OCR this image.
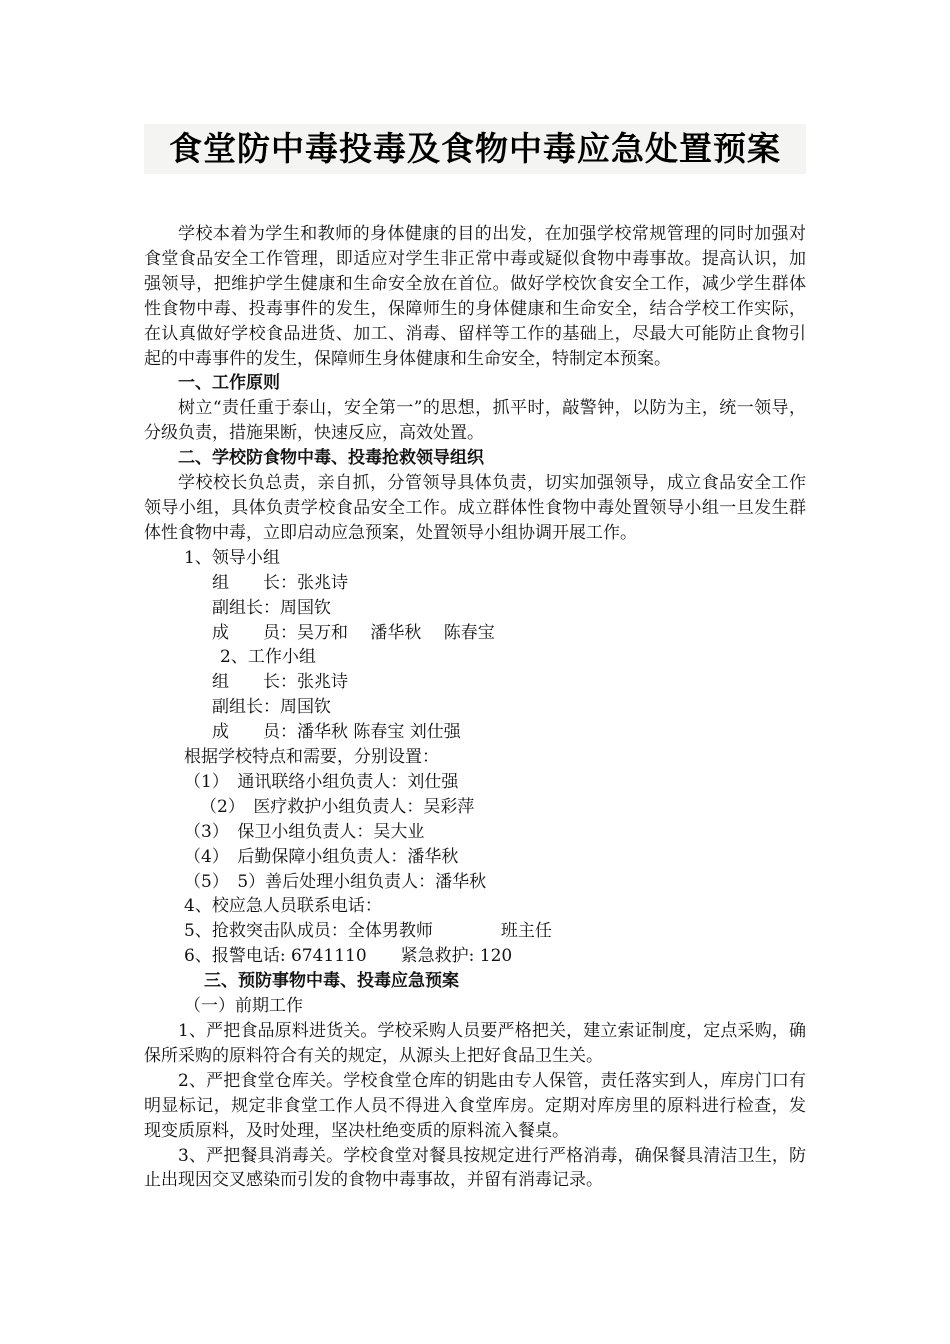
食堂防中毒投毒及食物中毒应急处置预案

学校本着为学生和教师的身体健康的目的出发，在加强学校常规管理的同时加强对食堂食品安全工作管理，即适应对学生非正常中毒或疑似食物中毒事故。提高认识，加强领导，把维护学生健康和生命安全放在首位。做好学校饮食安全工作，减少学生群体性食物中毒、投毒事件的发生，保障师生的身体健康和生命安全，结合学校工作实际，在认真做好学校食品进货、加工、消毒、留样等工作的基础上，尽最大可能防止食物引起的中毒事件的发生，保障师生身体健康和生命安全，特制定本预案。

一、工作原则

树立“责任重于泰山，安全第一”的思想，抓平时，敲警钟，以防为主，统一领导，分级负责，措施果断，快速反应，高效处置。

二、学校防食物中毒、投毒抢救领导组织

学校校长负总责，亲自抓，分管领导具体负责，切实加强领导，成立食品安全工作领导小组，具体负责学校食品安全工作。成立群体性食物中毒处置领导小组一旦发生群体性食物中毒，立即启动应急预案，处置领导小组协调开展工作。

1、领导小组

组　　长：张兆诗

副组长：周国钦

成　　员：吴万和　 潘华秋　 陈春宝

2、工作小组

组　　长：张兆诗

副组长：周国钦

成　　员：潘华秋 陈春宝 刘仕强

根据学校特点和需要，分别设置：

（1）　通讯联络小组负责人：刘仕强

（2）　医疗救护小组负责人：吴彩萍

（3）　保卫小组负责人：吴大业

（4）　后勤保障小组负责人：潘华秋

（5）　5）善后处理小组负责人：潘华秋

4、校应急人员联系电话：

5、抢救突击队成员：全体男教师　　　　班主任

6、报警电话: 6741110　　紧急救护: 120

三、预防事物中毒、投毒应急预案

（一）前期工作

1、严把食品原料进货关。学校采购人员要严格把关，建立索证制度，定点采购，确保所采购的原料符合有关的规定，从源头上把好食品卫生关。

2、严把食堂仓库关。学校食堂仓库的钥匙由专人保管，责任落实到人，库房门口有明显标记，规定非食堂工作人员不得进入食堂库房。定期对库房里的原料进行检查，发现变质原料，及时处理，坚决杜绝变质的原料流入餐桌。

3、严把餐具消毒关。学校食堂对餐具按规定进行严格消毒，确保餐具清洁卫生，防止出现因交叉感染而引发的食物中毒事故，并留有消毒记录。
